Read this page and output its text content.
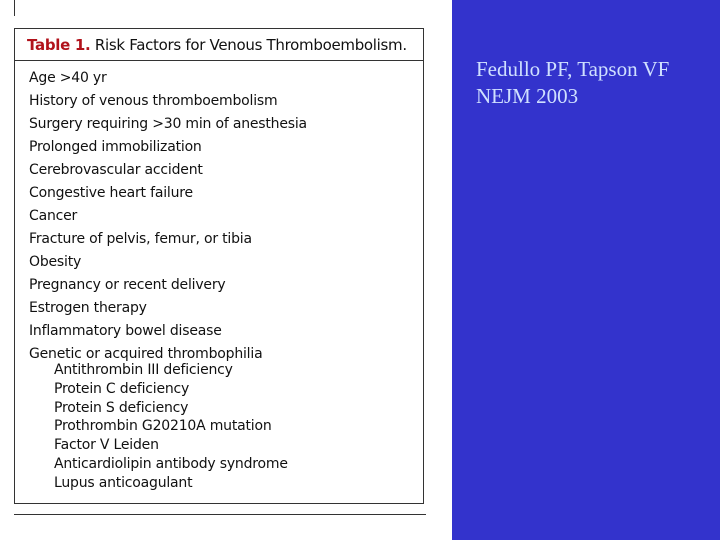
Table 1. Risk Factors for Venous Thromboembolism.
Age >40 yr
History of venous thromboembolism
Surgery requiring >30 min of anesthesia
Prolonged immobilization
Cerebrovascular accident
Congestive heart failure
Cancer
Fracture of pelvis, femur, or tibia
Obesity
Pregnancy or recent delivery
Estrogen therapy
Inflammatory bowel disease
Genetic or acquired thrombophilia
Antithrombin III deficiency
Protein C deficiency
Protein S deficiency
Prothrombin G20210A mutation
Factor V Leiden
Anticardiolipin antibody syndrome
Lupus anticoagulant
Fedullo PF, Tapson VF
NEJM 2003
